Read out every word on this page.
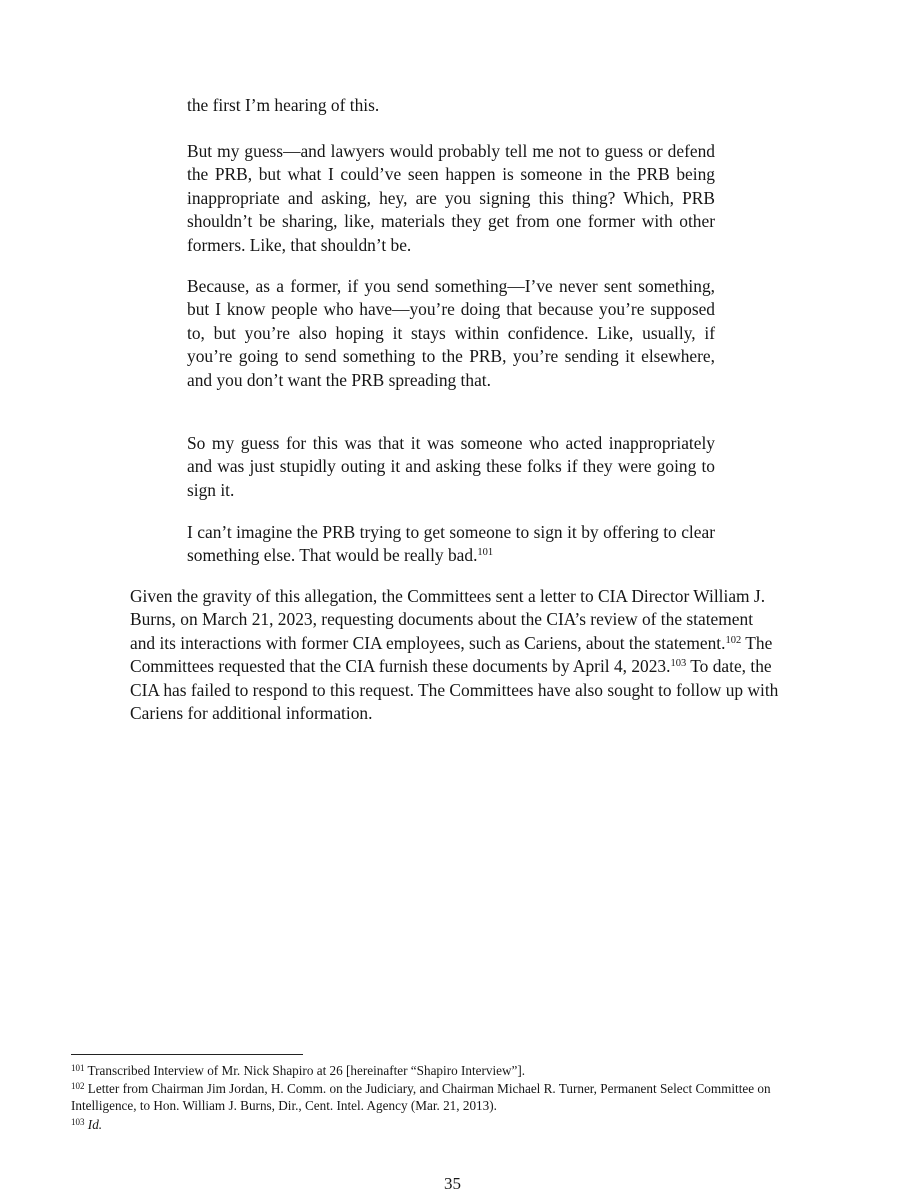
the first I’m hearing of this.

But my guess—and lawyers would probably tell me not to guess or defend the PRB, but what I could’ve seen happen is someone in the PRB being inappropriate and asking, hey, are you signing this thing? Which, PRB shouldn’t be sharing, like, materials they get from one former with other formers. Like, that shouldn’t be.

Because, as a former, if you send something—I’ve never sent something, but I know people who have—you’re doing that because you’re supposed to, but you’re also hoping it stays within confidence. Like, usually, if you’re going to send something to the PRB, you’re sending it elsewhere, and you don’t want the PRB spreading that.

So my guess for this was that it was someone who acted inappropriately and was just stupidly outing it and asking these folks if they were going to sign it.

I can’t imagine the PRB trying to get someone to sign it by offering to clear something else. That would be really bad.$^{101}$

Given the gravity of this allegation, the Committees sent a letter to CIA Director William J. Burns, on March 21, 2023, requesting documents about the CIA’s review of the statement and its interactions with former CIA employees, such as Cariens, about the statement.$^{102}$ The Committees requested that the CIA furnish these documents by April 4, 2023.$^{103}$ To date, the CIA has failed to respond to this request. The Committees have also sought to follow up with Cariens for additional information.

$^{101}$ Transcribed Interview of Mr. Nick Shapiro at 26 [hereinafter “Shapiro Interview”].

$^{102}$ Letter from Chairman Jim Jordan, H. Comm. on the Judiciary, and Chairman Michael R. Turner, Permanent Select Committee on Intelligence, to Hon. William J. Burns, Dir., Cent. Intel. Agency (Mar. 21, 2013).

$^{103}$ Id.

35
